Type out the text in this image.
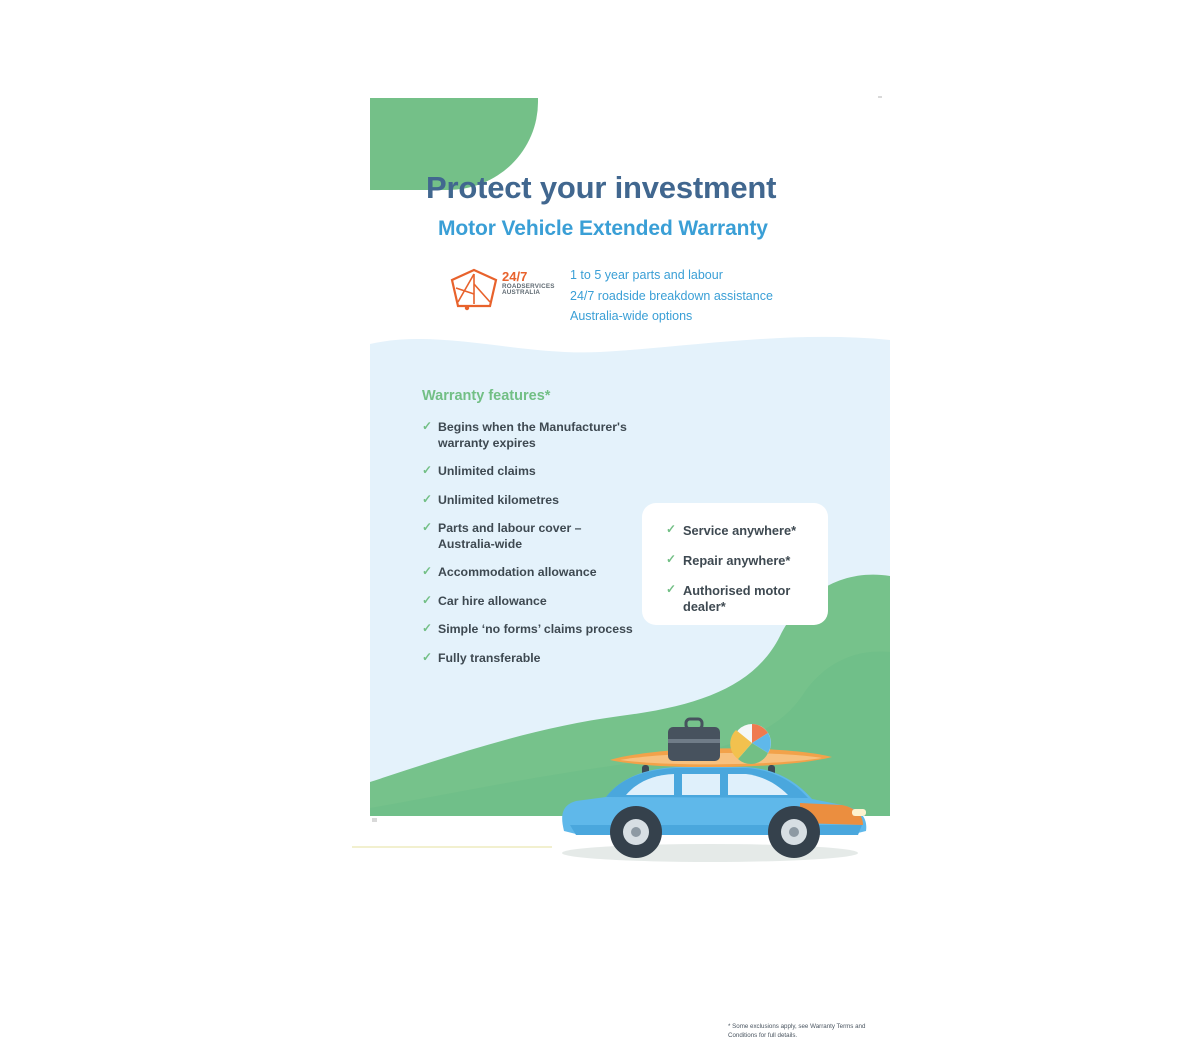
Protect your investment
Motor Vehicle Extended Warranty
24/7
ROADSERVICES
AUSTRALIA
1 to 5 year parts and labour
24/7 roadside breakdown assistance
Australia-wide options
Warranty features*
✓ Begins when the Manufacturer's warranty expires
✓ Unlimited claims
✓ Unlimited kilometres
✓ Parts and labour cover – Australia-wide
✓ Accommodation allowance
✓ Car hire allowance
✓ Simple ‘no forms’ claims process
✓ Fully transferable
✓ Service anywhere*
✓ Repair anywhere*
✓ Authorised motor dealer*
* Some exclusions apply, see Warranty Terms and Conditions for full details.
